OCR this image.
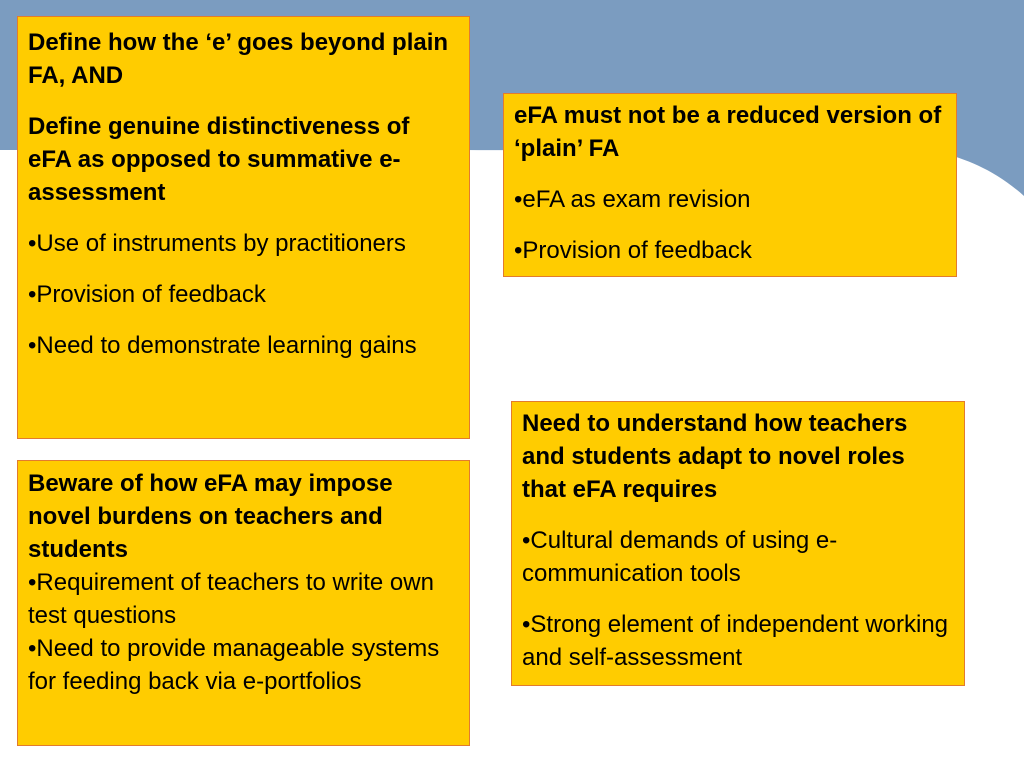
Define how the ‘e’ goes beyond plain FA, AND
Define genuine distinctiveness of eFA as opposed to summative e-assessment
•Use of instruments by practitioners
•Provision of feedback
•Need to demonstrate learning gains
eFA must not be a reduced version of ‘plain’ FA
•eFA as exam revision
•Provision of feedback
Beware of how eFA may impose novel burdens on teachers and students
•Requirement of teachers to write own test questions
•Need to provide manageable systems for feeding back via e-portfolios
Need to understand how teachers and students adapt to novel roles that eFA requires
•Cultural demands of using e-communication tools
•Strong element of independent working and self-assessment
